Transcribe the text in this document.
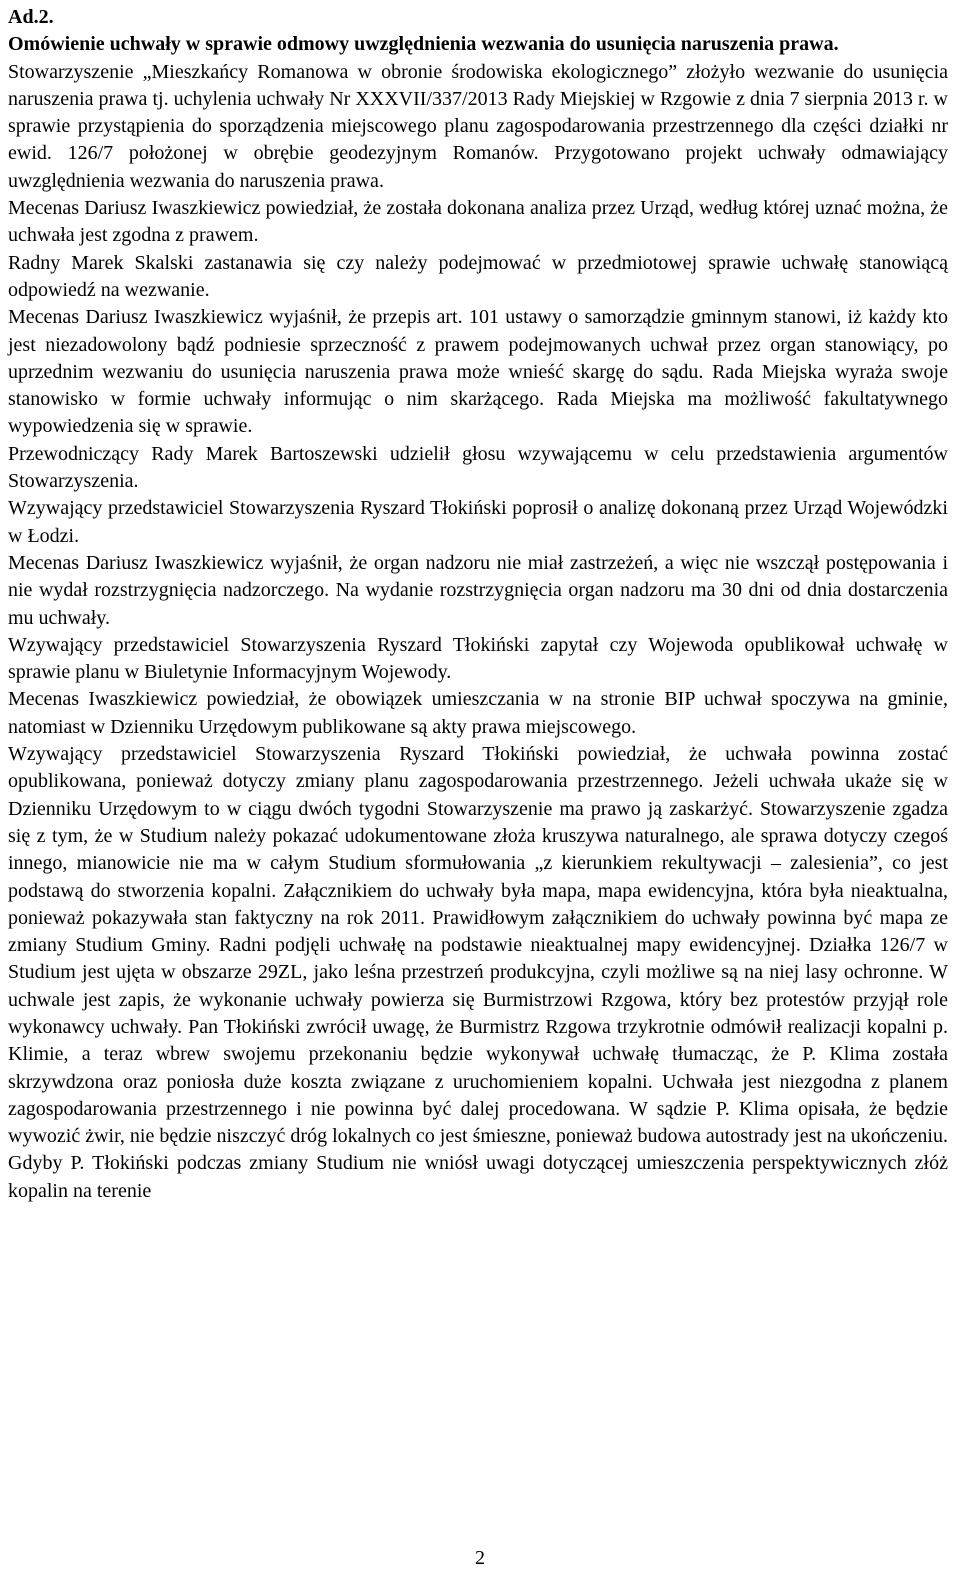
Ad.2.

Omówienie uchwały w sprawie odmowy uwzględnienia wezwania do usunięcia naruszenia prawa.

Stowarzyszenie „Mieszkańcy Romanowa w obronie środowiska ekologicznego” złożyło wezwanie do usunięcia naruszenia prawa tj. uchylenia uchwały Nr XXXVII/337/2013 Rady Miejskiej w Rzgowie z dnia 7 sierpnia 2013 r. w sprawie przystąpienia do sporządzenia miejscowego planu zagospodarowania przestrzennego dla części działki nr ewid. 126/7 położonej w obrębie geodezyjnym Romanów. Przygotowano projekt uchwały odmawiający uwzględnienia wezwania do naruszenia prawa.

Mecenas Dariusz Iwaszkiewicz powiedział, że została dokonana analiza przez Urząd, według której uznać można, że uchwała jest zgodna z prawem.

Radny Marek Skalski zastanawia się czy należy podejmować w przedmiotowej sprawie uchwałę stanowiącą odpowiedź na wezwanie.

Mecenas Dariusz Iwaszkiewicz wyjaśnił, że przepis art. 101 ustawy o samorządzie gminnym stanowi, iż każdy kto jest niezadowolony bądź podniesie sprzeczność z prawem podejmowanych uchwał przez organ stanowiący, po uprzednim wezwaniu do usunięcia naruszenia prawa może wnieść skargę do sądu. Rada Miejska wyraża swoje stanowisko w formie uchwały informując o nim skarżącego. Rada Miejska ma możliwość fakultatywnego wypowiedzenia się w sprawie.

Przewodniczący Rady Marek Bartoszewski udzielił głosu wzywającemu w celu przedstawienia argumentów Stowarzyszenia.

Wzywający przedstawiciel Stowarzyszenia Ryszard Tłokiński poprosił o analizę dokonaną przez Urząd Wojewódzki w Łodzi.

Mecenas Dariusz Iwaszkiewicz wyjaśnił, że organ nadzoru nie miał zastrzeżeń, a więc nie wszczął postępowania i nie wydał rozstrzygnięcia nadzorczego. Na wydanie rozstrzygnięcia organ nadzoru ma 30 dni od dnia dostarczenia mu uchwały.

Wzywający przedstawiciel Stowarzyszenia Ryszard Tłokiński zapytał czy Wojewoda opublikował uchwałę w sprawie planu w Biuletynie Informacyjnym Wojewody.

Mecenas Iwaszkiewicz powiedział, że obowiązek umieszczania w na stronie BIP uchwał spoczywa na gminie, natomiast w Dzienniku Urzędowym publikowane są akty prawa miejscowego.

Wzywający przedstawiciel Stowarzyszenia Ryszard Tłokiński powiedział, że uchwała powinna zostać opublikowana, ponieważ dotyczy zmiany planu zagospodarowania przestrzennego. Jeżeli uchwała ukaże się w Dzienniku Urzędowym to w ciągu dwóch tygodni Stowarzyszenie ma prawo ją zaskarżyć. Stowarzyszenie zgadza się z tym, że w Studium należy pokazać udokumentowane złoża kruszywa naturalnego, ale sprawa dotyczy czegoś innego, mianowicie nie ma w całym Studium sformułowania „z kierunkiem rekultywacji – zalesienia”, co jest podstawą do stworzenia kopalni. Załącznikiem do uchwały była mapa, mapa ewidencyjna, która była nieaktualna, ponieważ pokazywała stan faktyczny na rok 2011. Prawidłowym załącznikiem do uchwały powinna być mapa ze zmiany Studium Gminy. Radni podjęli uchwałę na podstawie nieaktualnej mapy ewidencyjnej. Działka 126/7 w Studium jest ujęta w obszarze 29ZL, jako leśna przestrzeń produkcyjna, czyli możliwe są na niej lasy ochronne. W uchwale jest zapis, że wykonanie uchwały powierza się Burmistrzowi Rzgowa, który bez protestów przyjął role wykonawcy uchwały. Pan Tłokiński zwrócił uwagę, że Burmistrz Rzgowa trzykrotnie odmówił realizacji kopalni p. Klimie, a teraz wbrew swojemu przekonaniu będzie wykonywał uchwałę tłumacząc, że P. Klima została skrzywdzona oraz poniosła duże koszta związane z uruchomieniem kopalni. Uchwała jest niezgodna z planem zagospodarowania przestrzennego i nie powinna być dalej procedowana. W sądzie P. Klima opisała, że będzie wywozić żwir, nie będzie niszczyć dróg lokalnych co jest śmieszne, ponieważ budowa autostrady jest na ukończeniu. Gdyby P. Tłokiński podczas zmiany Studium nie wniósł uwagi dotyczącej umieszczenia perspektywicznych złóż kopalin na terenie

2
